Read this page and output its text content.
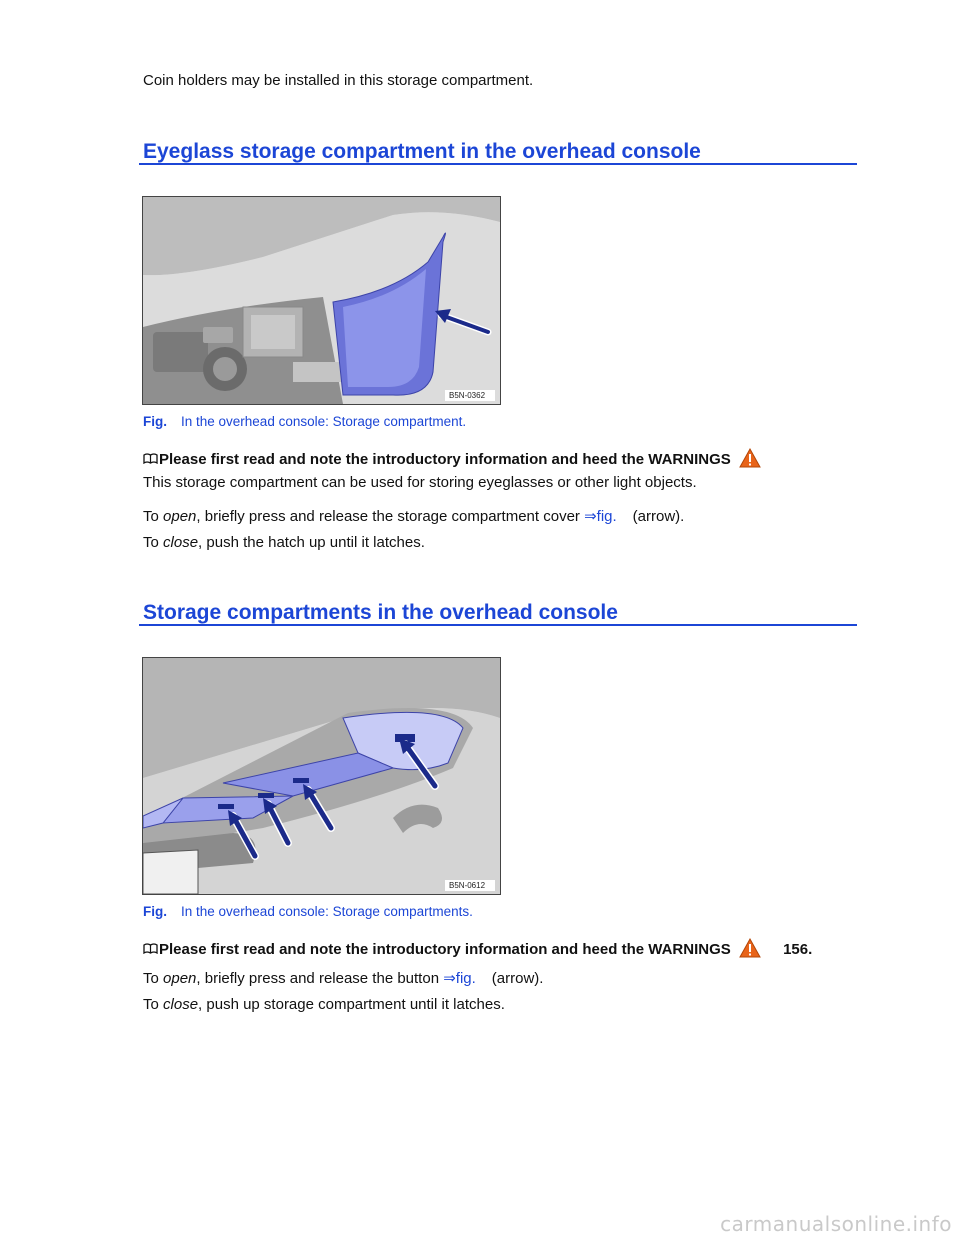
Coin holders may be installed in this storage compartment.
Eyeglass storage compartment in the overhead console
B5N-0362
Fig. In the overhead console: Storage compartment.
Please first read and note the introductory information and heed the WARNINGS
This storage compartment can be used for storing eyeglasses or other light objects.
To open, briefly press and release the storage compartment cover ⇒fig. (arrow).
To close, push the hatch up until it latches.
Storage compartments in the overhead console
B5N-0612
Fig. In the overhead console: Storage compartments.
Please first read and note the introductory information and heed the WARNINGS	156.
To open, briefly press and release the button ⇒fig. (arrow).
To close, push up storage compartment until it latches.
carmanualsonline.info
